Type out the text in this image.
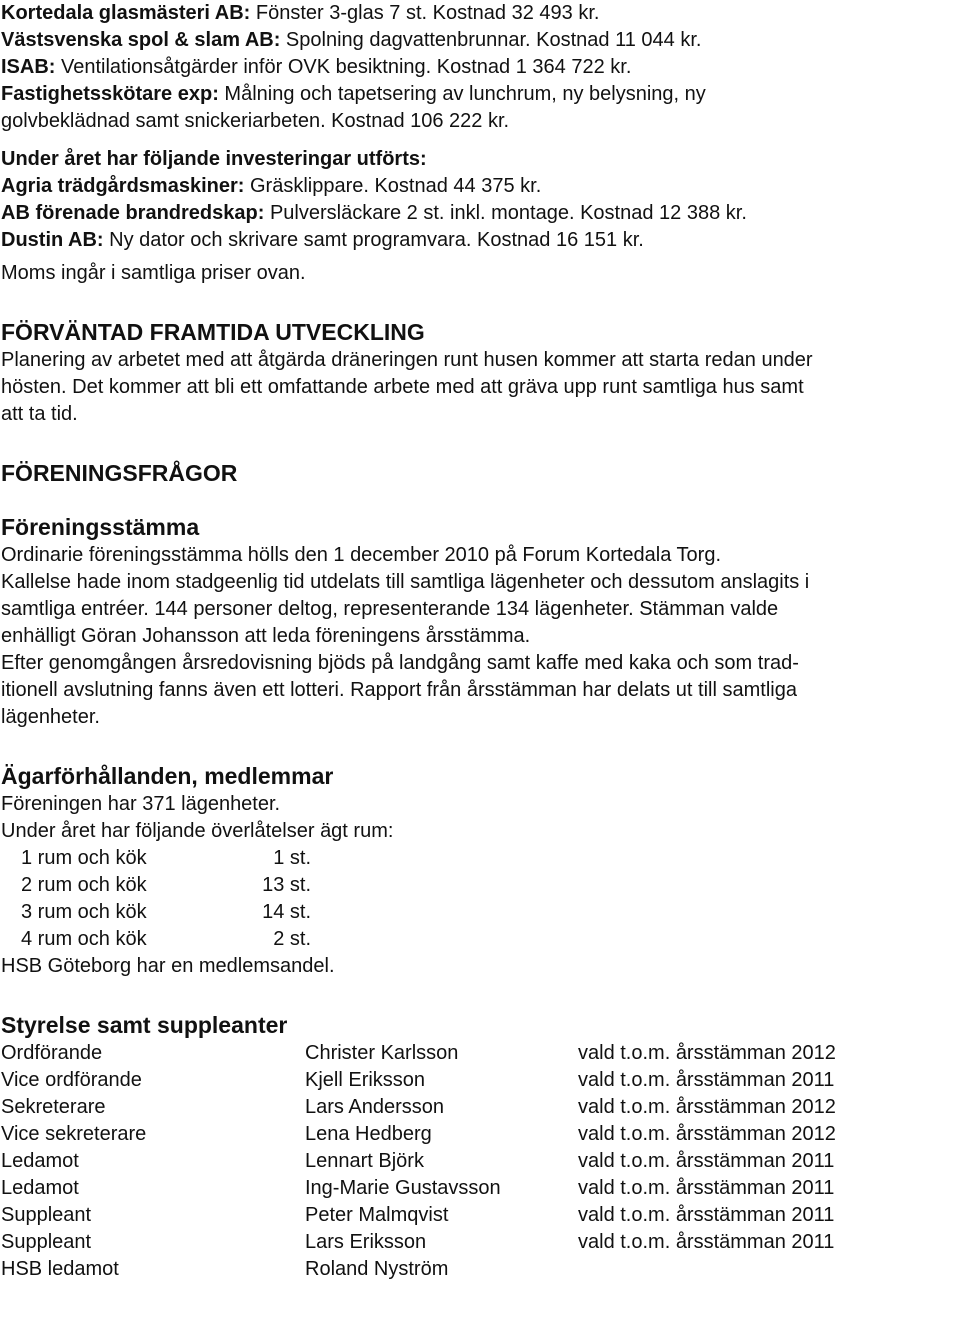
Kortedala glasmästeri AB: Fönster 3-glas 7 st. Kostnad 32 493 kr.
Västsvenska spol & slam AB: Spolning dagvattenbrunnar. Kostnad 11 044 kr.
ISAB: Ventilationsåtgärder inför OVK besiktning. Kostnad 1 364 722 kr.
Fastighetsskötare exp: Målning och tapetsering av lunchrum, ny belysning, ny
golvbeklädnad samt snickeriarbeten. Kostnad 106 222 kr.
Under året har följande investeringar utförts:
Agria trädgårdsmaskiner: Gräsklippare. Kostnad 44 375 kr.
AB förenade brandredskap: Pulversläckare 2 st. inkl. montage. Kostnad 12 388 kr.
Dustin AB: Ny dator och skrivare samt programvara. Kostnad 16 151 kr.
Moms ingår i samtliga priser ovan.
FÖRVÄNTAD FRAMTIDA UTVECKLING
Planering av arbetet med att åtgärda dräneringen runt husen kommer att starta redan under
hösten. Det kommer att bli ett omfattande arbete med att gräva upp runt samtliga hus samt
att ta tid.
FÖRENINGSFRÅGOR
Föreningsstämma
Ordinarie föreningsstämma hölls den 1 december 2010 på Forum Kortedala Torg.
Kallelse hade inom stadgeenlig tid utdelats till samtliga lägenheter och dessutom anslagits i
samtliga entréer. 144 personer deltog, representerande 134 lägenheter. Stämman valde
enhälligt Göran Johansson att leda föreningens årsstämma.
Efter genomgången årsredovisning bjöds på landgång samt kaffe med kaka och som trad-
itionell avslutning fanns även ett lotteri. Rapport från årsstämman har delats ut till samtliga
lägenheter.
Ägarförhållanden, medlemmar
Föreningen har 371 lägenheter.
Under året har följande överlåtelser ägt rum:
1 rum och kök	1 st.
2 rum och kök	13 st.
3 rum och kök	14 st.
4 rum och kök	2 st.
HSB Göteborg har en medlemsandel.
Styrelse samt suppleanter
Ordförande	Christer Karlsson	vald t.o.m. årsstämman 2012
Vice ordförande	Kjell Eriksson	vald t.o.m. årsstämman 2011
Sekreterare	Lars Andersson	vald t.o.m. årsstämman 2012
Vice sekreterare	Lena Hedberg	vald t.o.m. årsstämman 2012
Ledamot	Lennart Björk	vald t.o.m. årsstämman 2011
Ledamot	Ing-Marie Gustavsson	vald t.o.m. årsstämman 2011
Suppleant	Peter Malmqvist	vald t.o.m. årsstämman 2011
Suppleant	Lars Eriksson	vald t.o.m. årsstämman 2011
HSB ledamot	Roland Nyström
